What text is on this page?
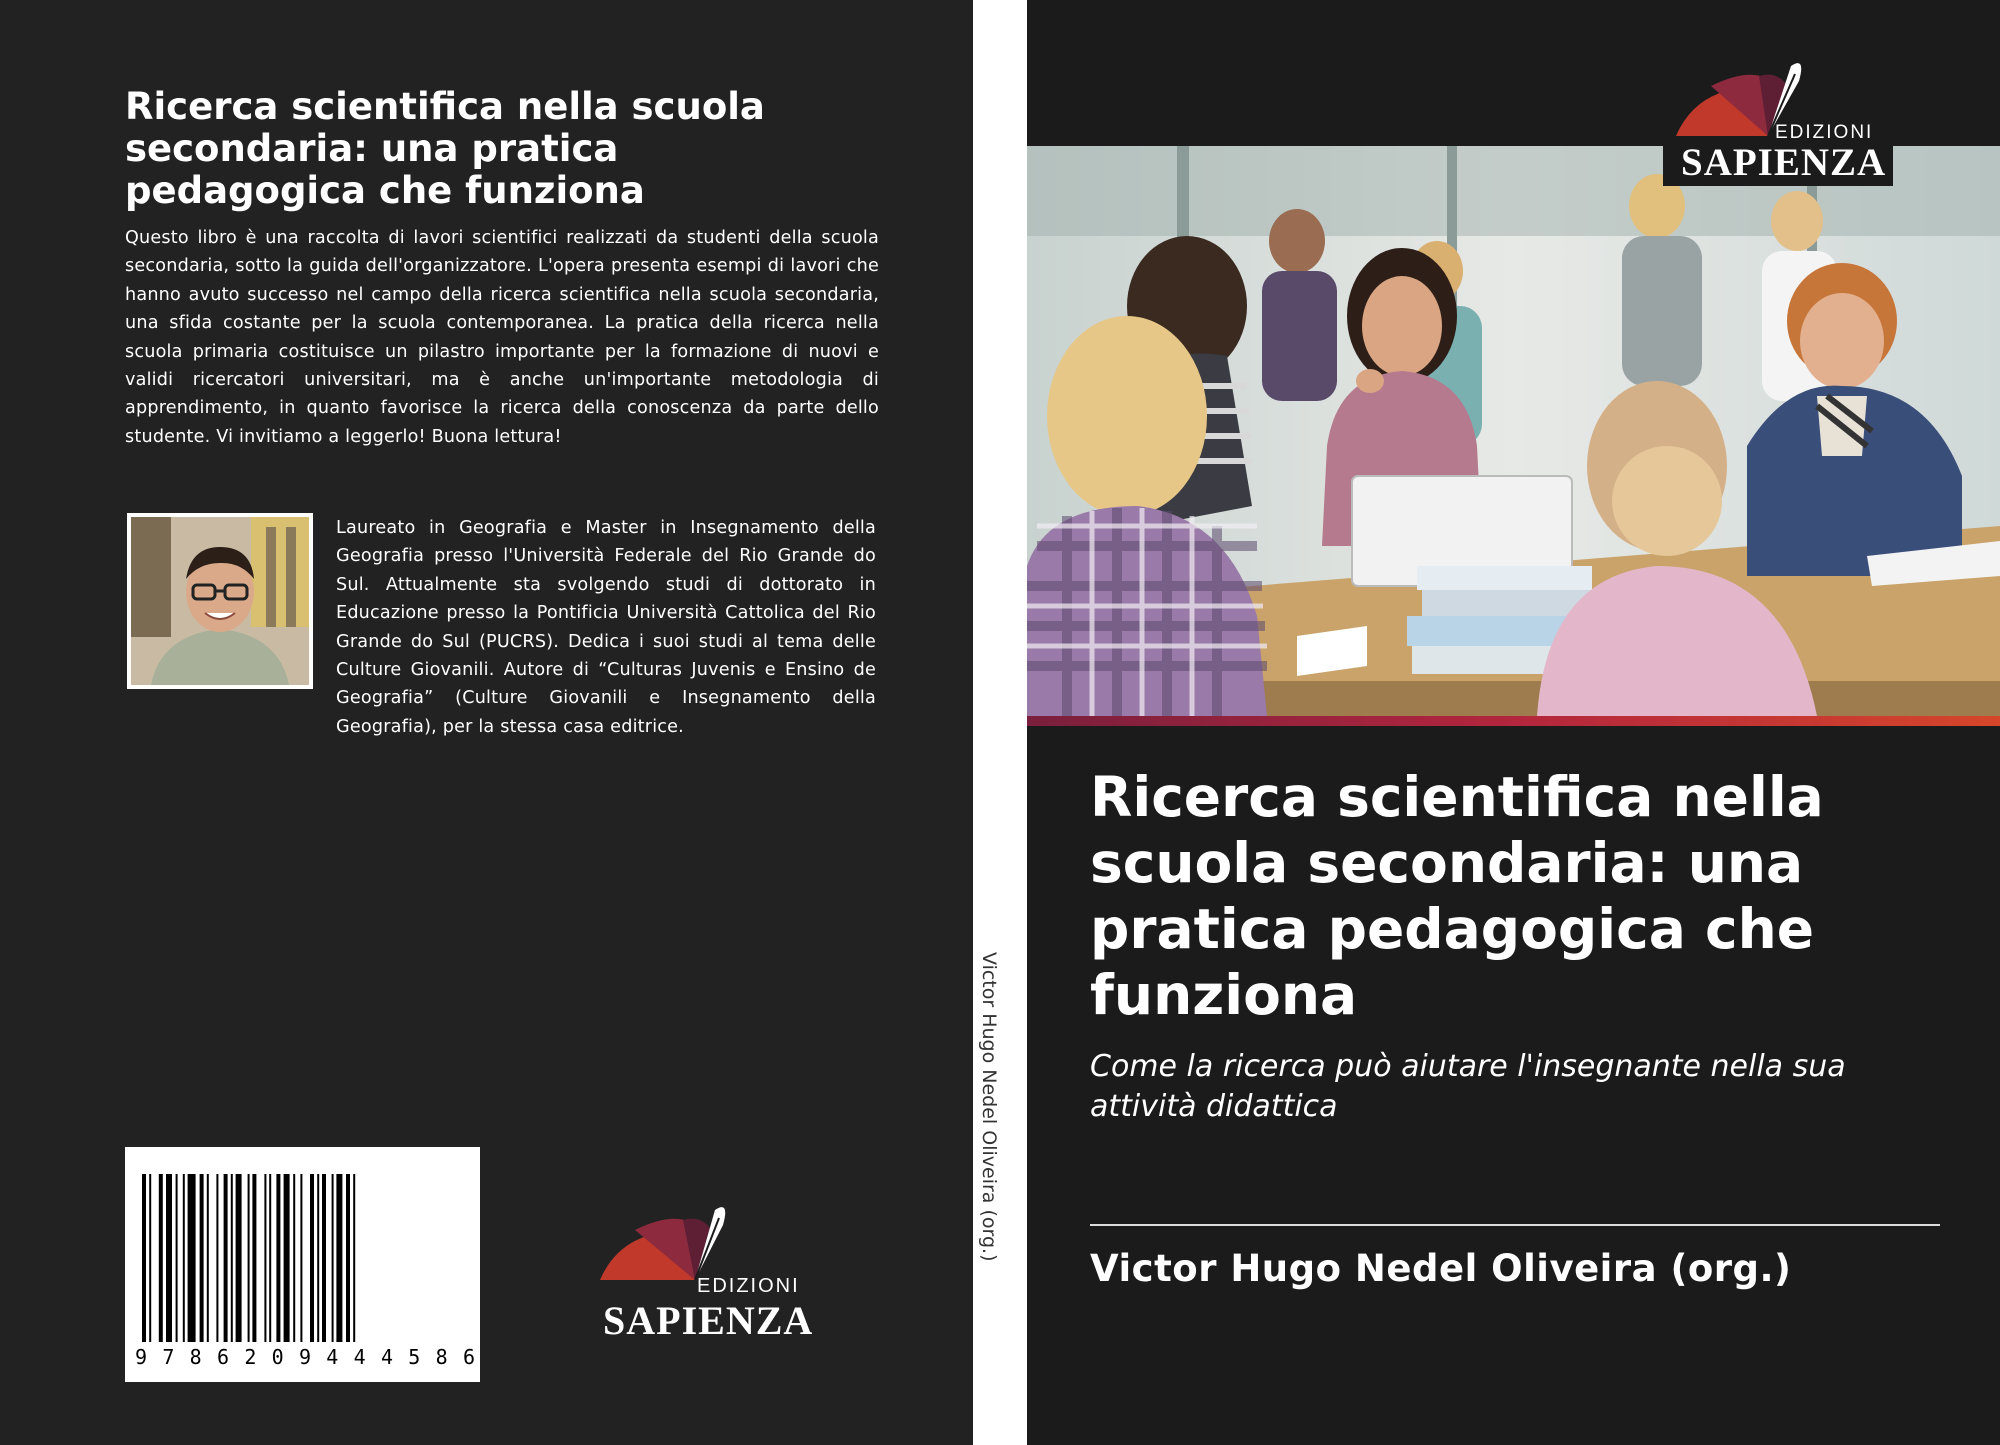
Ricerca scientifica nella scuola secondaria: una pratica pedagogica che funziona

Questo libro è una raccolta di lavori scientifici realizzati da studenti della scuola secondaria, sotto la guida dell'organizzatore. L'opera presenta esempi di lavori che hanno avuto successo nel campo della ricerca scientifica nella scuola secondaria, una sfida costante per la scuola contemporanea. La pratica della ricerca nella scuola primaria costituisce un pilastro importante per la formazione di nuovi e validi ricercatori universitari, ma è anche un'importante metodologia di apprendimento, in quanto favorisce la ricerca della conoscenza da parte dello studente. Vi invitiamo a leggerlo! Buona lettura!

Laureato in Geografia e Master in Insegnamento della Geografia presso l'Università Federale del Rio Grande do Sul. Attualmente sta svolgendo studi di dottorato in Educazione presso la Pontificia Università Cattolica del Rio Grande do Sul (PUCRS). Dedica i suoi studi al tema delle Culture Giovanili. Autore di “Culturas Juvenis e Ensino de Geografia” (Culture Giovanili e Insegnamento della Geografia), per la stessa casa editrice.

9 7 8 6 2 0 9 4 4 4 5 8 6
EDIZIONI
SAPIENZA
Victor Hugo Nedel Oliveira (org.)
EDIZIONI
SAPIENZA
Ricerca scientifica nella scuola secondaria: una pratica pedagogica che funziona

Come la ricerca può aiutare l'insegnante nella sua attività didattica

Victor Hugo Nedel Oliveira (org.)
